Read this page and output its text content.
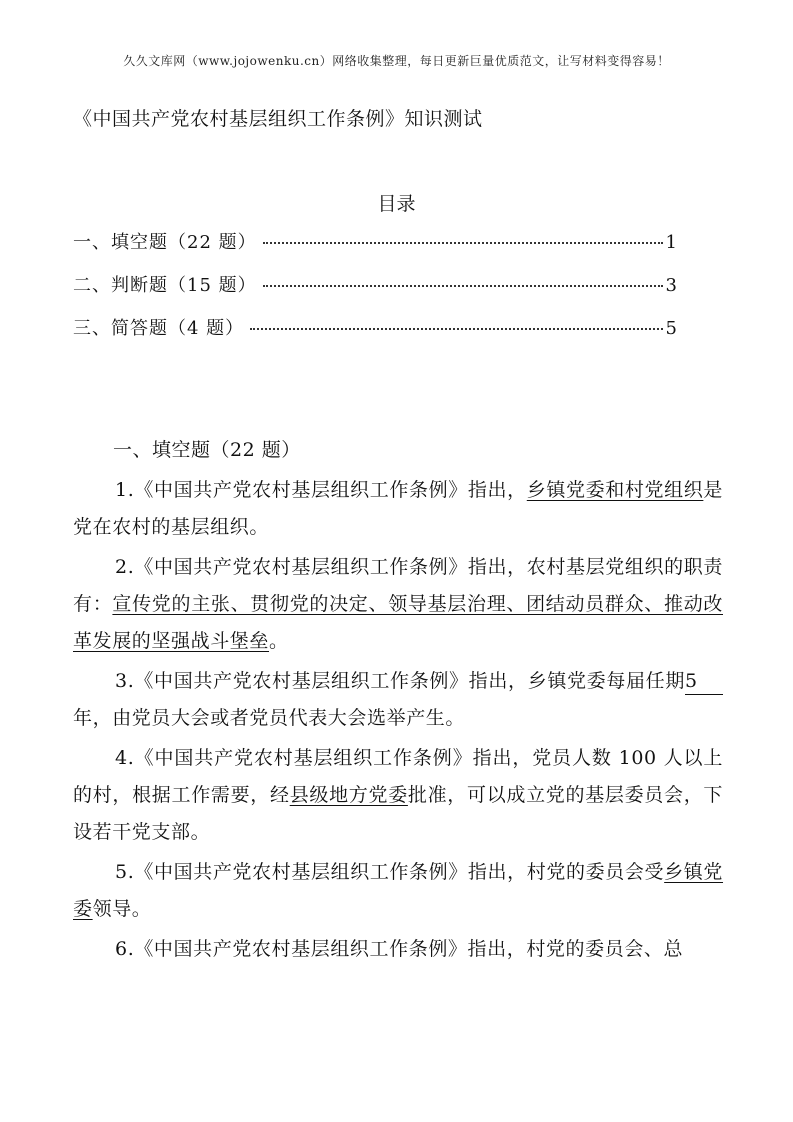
久久文库网（www.jojowenku.cn）网络收集整理，每日更新巨量优质范文，让写材料变得容易！
《中国共产党农村基层组织工作条例》知识测试
目录
一、填空题（22 题）	1
二、判断题（15 题）	3
三、简答题（4 题）	5
一、填空题（22 题）
1.《中国共产党农村基层组织工作条例》指出，乡镇党委和村党组织是党在农村的基层组织。
2.《中国共产党农村基层组织工作条例》指出，农村基层党组织的职责有：宣传党的主张、贯彻党的决定、领导基层治理、团结动员群众、推动改革发展的坚强战斗堡垒。
3.《中国共产党农村基层组织工作条例》指出，乡镇党委每届任期5年，由党员大会或者党员代表大会选举产生。
4.《中国共产党农村基层组织工作条例》指出，党员人数 100 人以上的村，根据工作需要，经县级地方党委批准，可以成立党的基层委员会，下设若干党支部。
5.《中国共产党农村基层组织工作条例》指出，村党的委员会受乡镇党委领导。
6.《中国共产党农村基层组织工作条例》指出，村党的委员会、总
